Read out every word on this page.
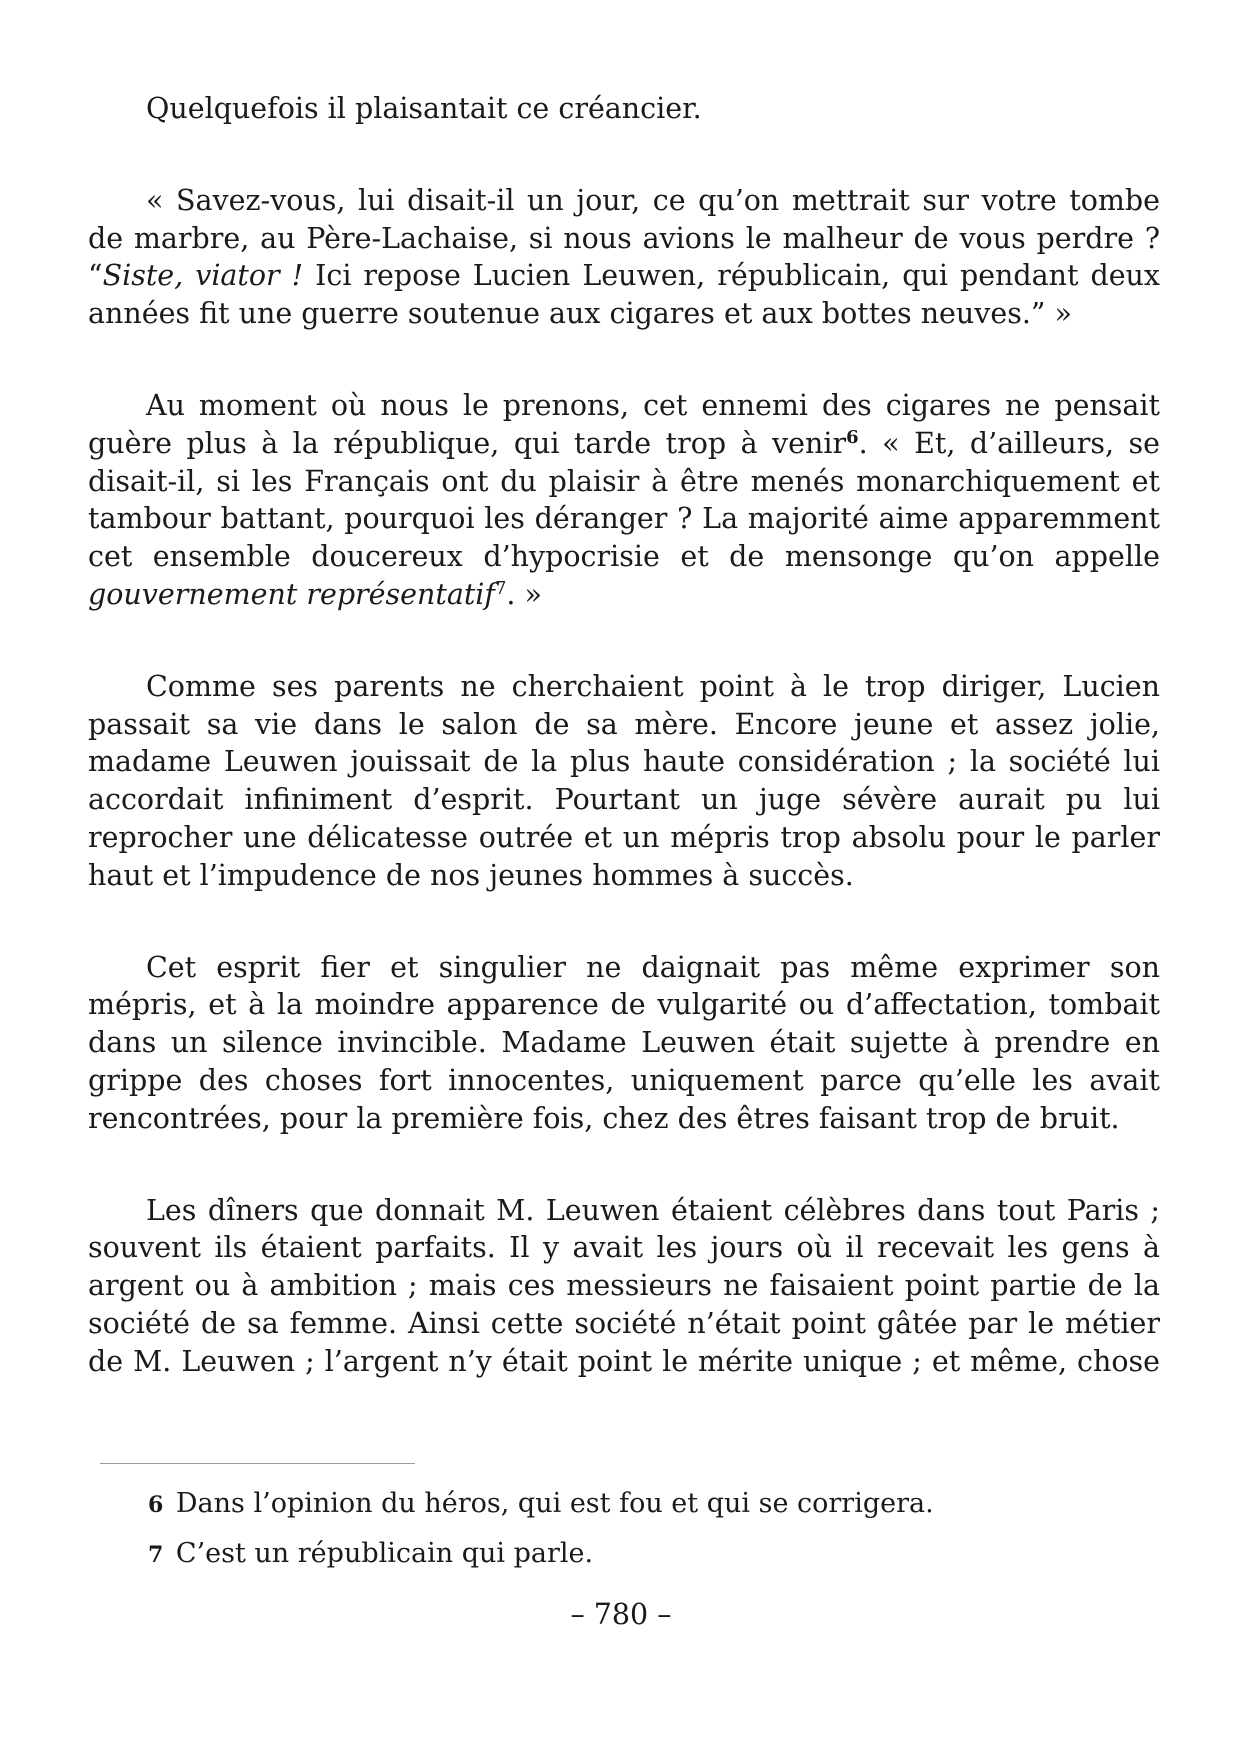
Quelquefois il plaisantait ce créancier.

« Savez-vous, lui disait-il un jour, ce qu’on mettrait sur votre tombe de marbre, au Père-Lachaise, si nous avions le malheur de vous perdre ? “Siste, viator ! Ici repose Lucien Leuwen, républicain, qui pendant deux années fit une guerre soutenue aux cigares et aux bottes neuves.” »

Au moment où nous le prenons, cet ennemi des cigares ne pensait guère plus à la république, qui tarde trop à venir$^6$. « Et, d’ailleurs, se disait-il, si les Français ont du plaisir à être menés monarchiquement et tambour battant, pourquoi les déranger ? La majorité aime apparemment cet ensemble doucereux d’hypocrisie et de mensonge qu’on appelle gouvernement représentatif$^7$. »

Comme ses parents ne cherchaient point à le trop diriger, Lucien passait sa vie dans le salon de sa mère. Encore jeune et assez jolie, madame Leuwen jouissait de la plus haute considération ; la société lui accordait infiniment d’esprit. Pourtant un juge sévère aurait pu lui reprocher une délicatesse outrée et un mépris trop absolu pour le parler haut et l’impudence de nos jeunes hommes à succès.

Cet esprit fier et singulier ne daignait pas même exprimer son mépris, et à la moindre apparence de vulgarité ou d’affectation, tombait dans un silence invincible. Madame Leuwen était sujette à prendre en grippe des choses fort innocentes, uniquement parce qu’elle les avait rencontrées, pour la première fois, chez des êtres faisant trop de bruit.

Les dîners que donnait M. Leuwen étaient célèbres dans tout Paris ; souvent ils étaient parfaits. Il y avait les jours où il recevait les gens à argent ou à ambition ; mais ces messieurs ne faisaient point partie de la société de sa femme. Ainsi cette société n’était point gâtée par le métier de M. Leuwen ; l’argent n’y était point le mérite unique ; et même, chose

6 Dans l’opinion du héros, qui est fou et qui se corrigera.

7 C’est un républicain qui parle.

– 780 –
